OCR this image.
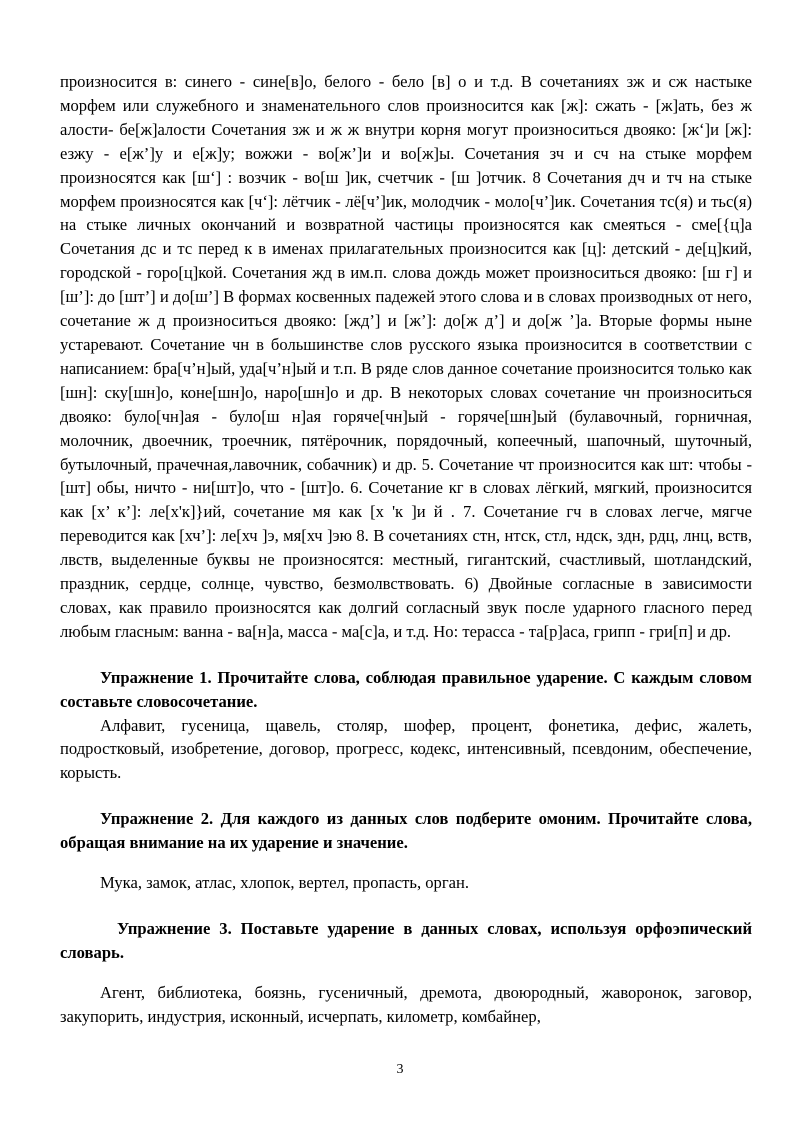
произносится в: синего - сине[в]о, белого - бело [в] о и т.д. В сочетаниях зж и сж настыке морфем или служебного и знаменательного слов произносится как [ж]: сжать - [ж]ать, без ж алости- бе[ж]алости Сочетания зж и ж ж внутри корня могут произноситься двояко: [ж‘]и [ж]: езжу - е[ж’]у и е[ж]у; вожжи - во[ж’]и и во[ж]ы. Сочетания зч и сч на стыке морфем произносятся как [ш‘] : возчик - во[ш ]ик, счетчик - [ш ]отчик. 8 Сочетания дч и тч на стыке морфем произносятся как [ч‘]: лётчик - лё[ч’]ик, молодчик - моло[ч’]ик. Сочетания тс(я) и тьс(я) на стыке личных окончаний и возвратной частицы произносятся как смеяться - сме[{ц]а Сочетания дс и тс перед к в именах прилагательных произносится как [ц]: детский - де[ц]кий, городской - горо[ц]кой. Сочетания жд в им.п. слова дождь может произноситься двояко: [ш г] и [ш’]: до [шт’] и до[ш’] В формах косвенных падежей этого слова и в словах производных от него, сочетание ж д произноситься двояко: [жд’] и [ж’]: до[ж д’] и до[ж ’]а. Вторые формы ныне устаревают. Сочетание чн в большинстве слов русского языка произносится в соответствии с написанием: бра[ч’н]ый, уда[ч’н]ый и т.п. В ряде слов данное сочетание произносится только как [шн]: ску[шн]о, коне[шн]о, наро[шн]о и др. В некоторых словах сочетание чн произноситься двояко: було[чн]ая - було[ш н]ая горяче[чн]ый - горяче[шн]ый (булавочный, горничная, молочник, двоечник, троечник, пятёрочник, порядочный, копеечный, шапочный, шуточный, бутылочный, прачечная,лавочник, собачник) и др. 5. Сочетание чт произносится как шт: чтобы - [шт] обы, ничто - ни[шт]о, что - [шт]о. 6. Сочетание кг в словах лёгкий, мягкий, произносится как [х’ к’]: ле[х'к]}ий, сочетание мя как [х 'к ]и й . 7. Сочетание гч в словах легче, мягче переводится как [хч’]: ле[хч ]э, мя[хч ]эю 8. В сочетаниях стн, нтск, стл, ндск, здн, рдц, лнц, вств, лвств, выделенные буквы не произносятся: местный, гигантский, счастливый, шотландский, праздник, сердце, солнце, чувство, безмолвствовать. 6) Двойные согласные в зависимости словах, как правило произносятся как долгий согласный звук после ударного гласного перед любым гласным: ванна - ва[н]а, масса - ма[с]а, и т.д. Но: терасса - та[р]аса, грипп - гри[п] и др.

Упражнение 1. Прочитайте слова, соблюдая правильное ударение. С каждым словом составьте словосочетание.

Алфавит, гусеница, щавель, столяр, шофер, процент, фонетика, дефис, жалеть, подростковый, изобретение, договор, прогресс, кодекс, интенсивный, псевдоним, обеспечение, корысть.

Упражнение 2. Для каждого из данных слов подберите омоним. Прочитайте слова, обращая внимание на их ударение и значение.

Мука, замок, атлас, хлопок, вертел, пропасть, орган.

Упражнение 3. Поставьте ударение в данных словах, используя орфоэпический словарь.

Агент, библиотека, боязнь, гусеничный, дремота, двоюродный, жаворонок, заговор, закупорить, индустрия, исконный, исчерпать, километр, комбайнер,

3
